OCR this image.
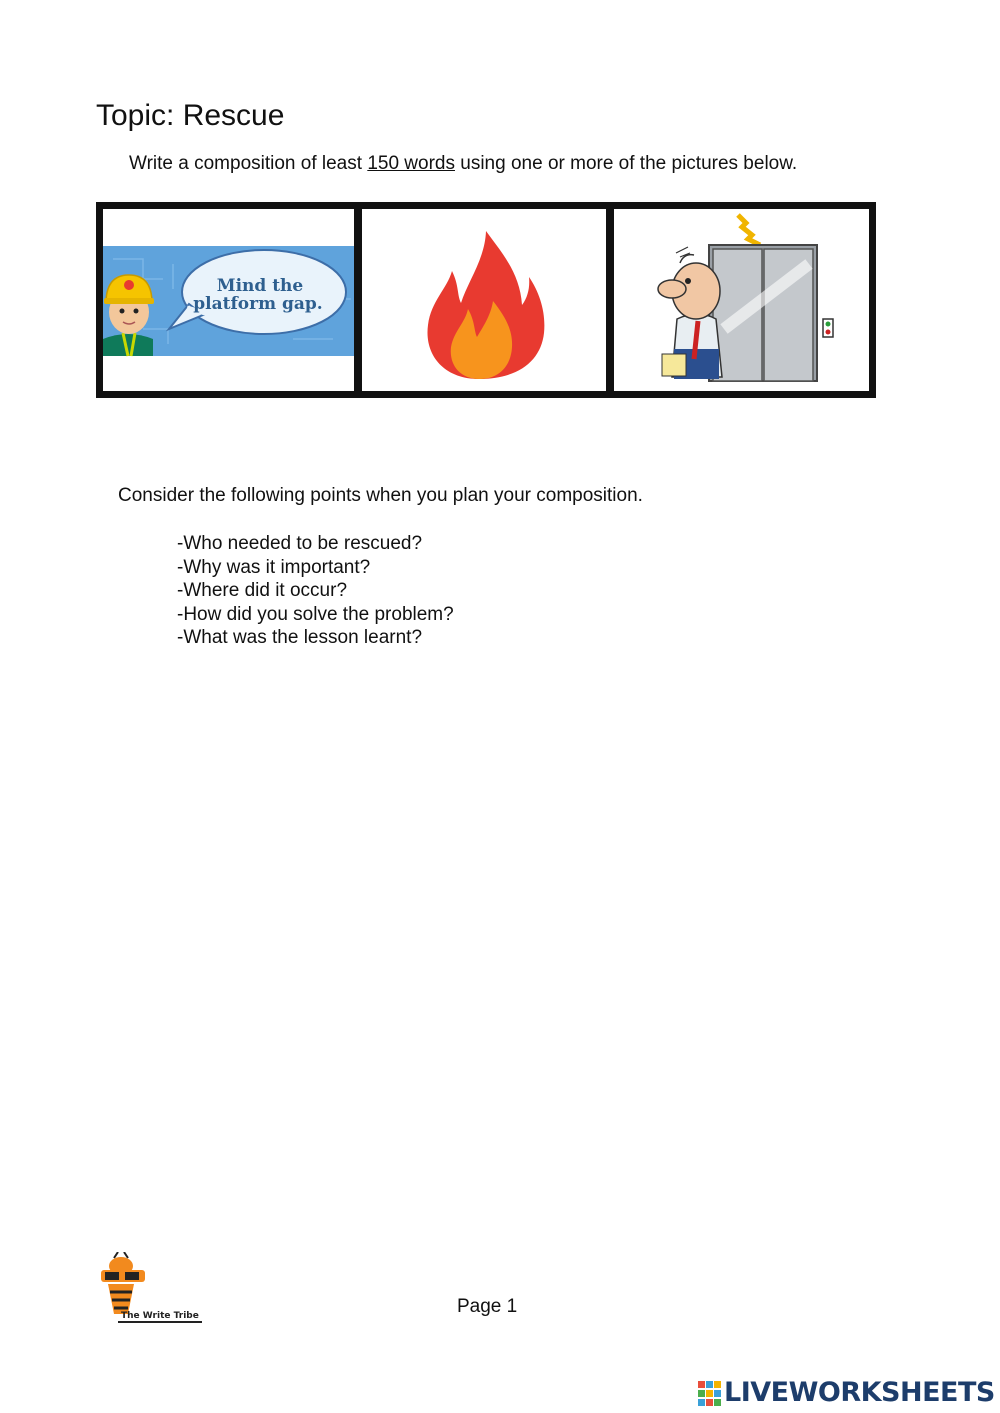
Topic: Rescue
Write a composition of least 150 words using one or more of the pictures below.
Mind the
platform gap.
Consider the following points when you plan your composition.
-Who needed to be rescued?
-Why was it important?
-Where did it occur?
-How did you solve the problem?
-What was the lesson learnt?
The Write Tribe	Page 1
LIVEWORKSHEETS
